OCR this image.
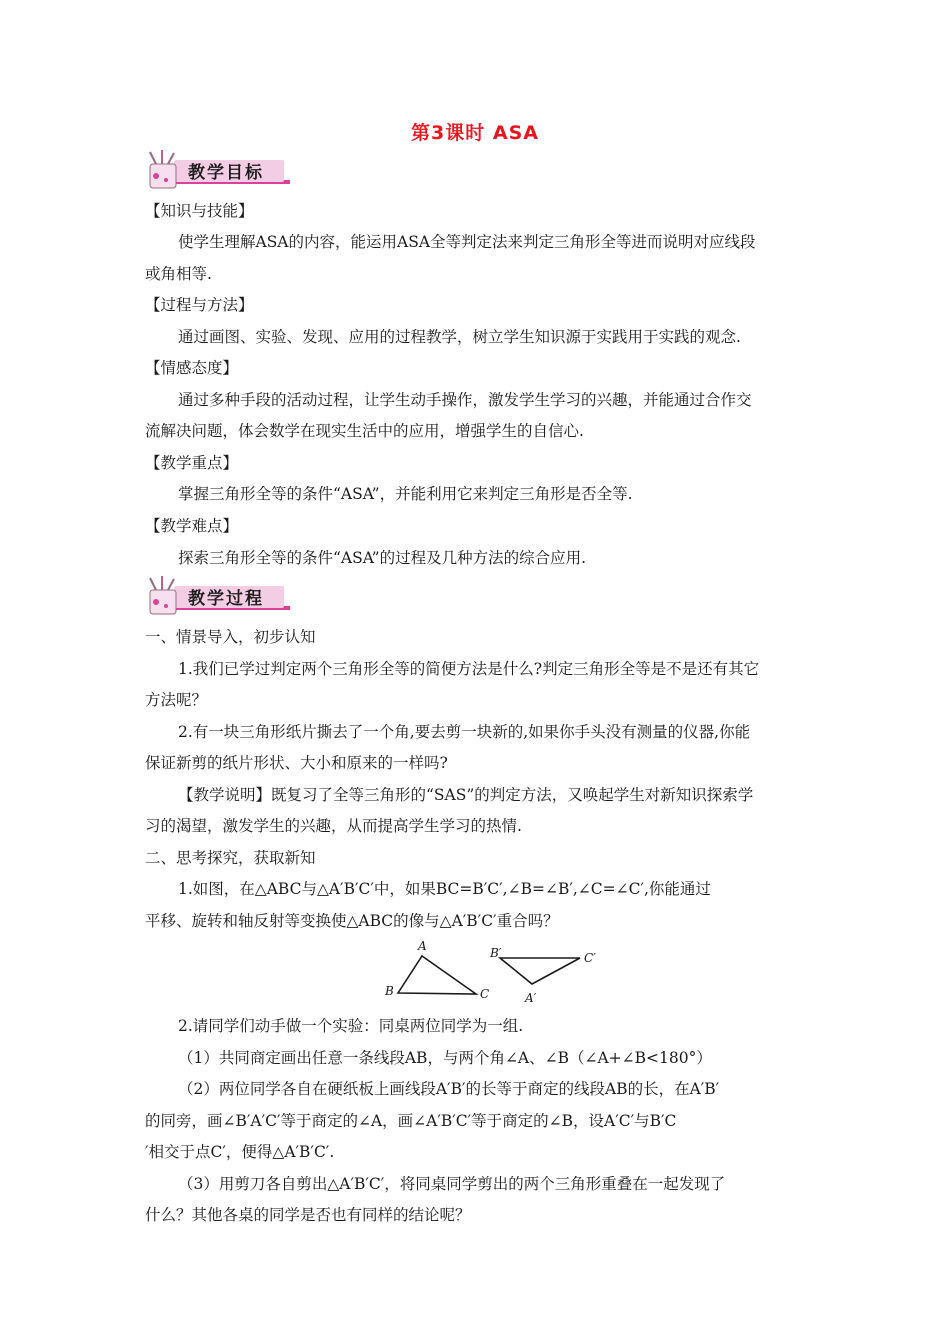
第3课时 ASA
教学目标
【知识与技能】
使学生理解ASA的内容，能运用ASA全等判定法来判定三角形全等进而说明对应线段
或角相等.
【过程与方法】
通过画图、实验、发现、应用的过程教学，树立学生知识源于实践用于实践的观念.
【情感态度】
通过多种手段的活动过程，让学生动手操作，激发学生学习的兴趣，并能通过合作交
流解决问题，体会数学在现实生活中的应用，增强学生的自信心.
【教学重点】
掌握三角形全等的条件“ASA”，并能利用它来判定三角形是否全等.
【教学难点】
探索三角形全等的条件“ASA”的过程及几种方法的综合应用.
教学过程
一、情景导入，初步认知
1.我们已学过判定两个三角形全等的简便方法是什么?判定三角形全等是不是还有其它
方法呢？
2.有一块三角形纸片撕去了一个角,要去剪一块新的,如果你手头没有测量的仪器,你能
保证新剪的纸片形状、大小和原来的一样吗?
【教学说明】既复习了全等三角形的“SAS”的判定方法，又唤起学生对新知识探索学
习的渴望，激发学生的兴趣，从而提高学生学习的热情.
二、思考探究，获取新知
1.如图，在△ABC与△A′B′C′中，如果BC=B′C′,∠B=∠B′,∠C=∠C′,你能通过
平移、旋转和轴反射等变换使△ABC的像与△A′B′C′重合吗？
A
B	C
B′	C′
A′
2.请同学们动手做一个实验：同桌两位同学为一组.
（1）共同商定画出任意一条线段AB，与两个角∠A、∠B（∠A+∠B<180°）
（2）两位同学各自在硬纸板上画线段A′B′的长等于商定的线段AB的长，在A′B′
的同旁，画∠B′A′C′等于商定的∠A，画∠A′B′C′等于商定的∠B，设A′C′与B′C
′相交于点C′，便得△A′B′C′.
（3）用剪刀各自剪出△A′B′C′，将同桌同学剪出的两个三角形重叠在一起发现了
什么？其他各桌的同学是否也有同样的结论呢？
